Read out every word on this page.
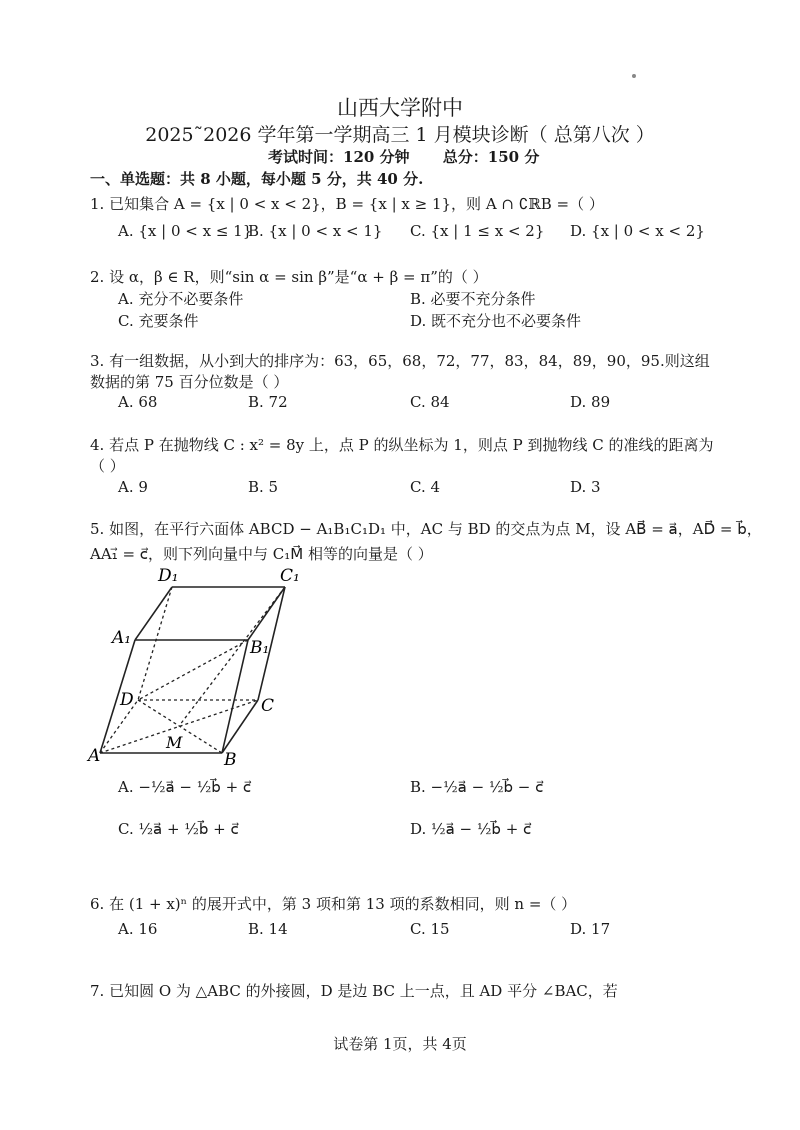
山西大学附中
2025˜2026 学年第一学期高三 1 月模块诊断（ 总第八次 ）
考试时间：120 分钟 总分：150 分
一、单选题：共 8 小题，每小题 5 分，共 40 分.
1. 已知集合 A = {x | 0 < x < 2}，B = {x | x ≥ 1}，则 A ∩ ∁ℝB =（ ）
A. {x | 0 < x ≤ 1}
B. {x | 0 < x < 1} C. {x | 1 ≤ x < 2} D. {x | 0 < x < 2}
2. 设 α，β ∈ R，则“sin α = sin β”是“α + β = π”的（ ）
A. 充分不必要条件	B. 必要不充分条件
C. 充要条件	D. 既不充分也不必要条件
3. 有一组数据，从小到大的排序为：63，65，68，72，77，83，84，89，90，95.则这组
数据的第 75 百分位数是（ ）
A. 68	B. 72	C. 84	D. 89
4. 若点 P 在抛物线 C : x² = 8y 上，点 P 的纵坐标为 1，则点 P 到抛物线 C 的准线的距离为
（ ）
A. 9	B. 5	C. 4	D. 3
5. 如图，在平行六面体 ABCD − A₁B₁C₁D₁ 中，AC 与 BD 的交点为点 M，设 AB⃗ = a⃗，AD⃗ = b⃗，
AA₁⃗ = c⃗，则下列向量中与 C₁M⃗ 相等的向量是（ ）
D₁	C₁
A₁	B₁
D	C
A	B
M
A. −½a⃗ − ½b⃗ + c⃗	B. −½a⃗ − ½b⃗ − c⃗
C. ½a⃗ + ½b⃗ + c⃗	D. ½a⃗ − ½b⃗ + c⃗
6. 在 (1 + x)ⁿ 的展开式中，第 3 项和第 13 项的系数相同，则 n =（ ）
A. 16	B. 14	C. 15	D. 17
7. 已知圆 O 为 △ABC 的外接圆，D 是边 BC 上一点，且 AD 平分 ∠BAC，若
试卷第 1页，共 4页
